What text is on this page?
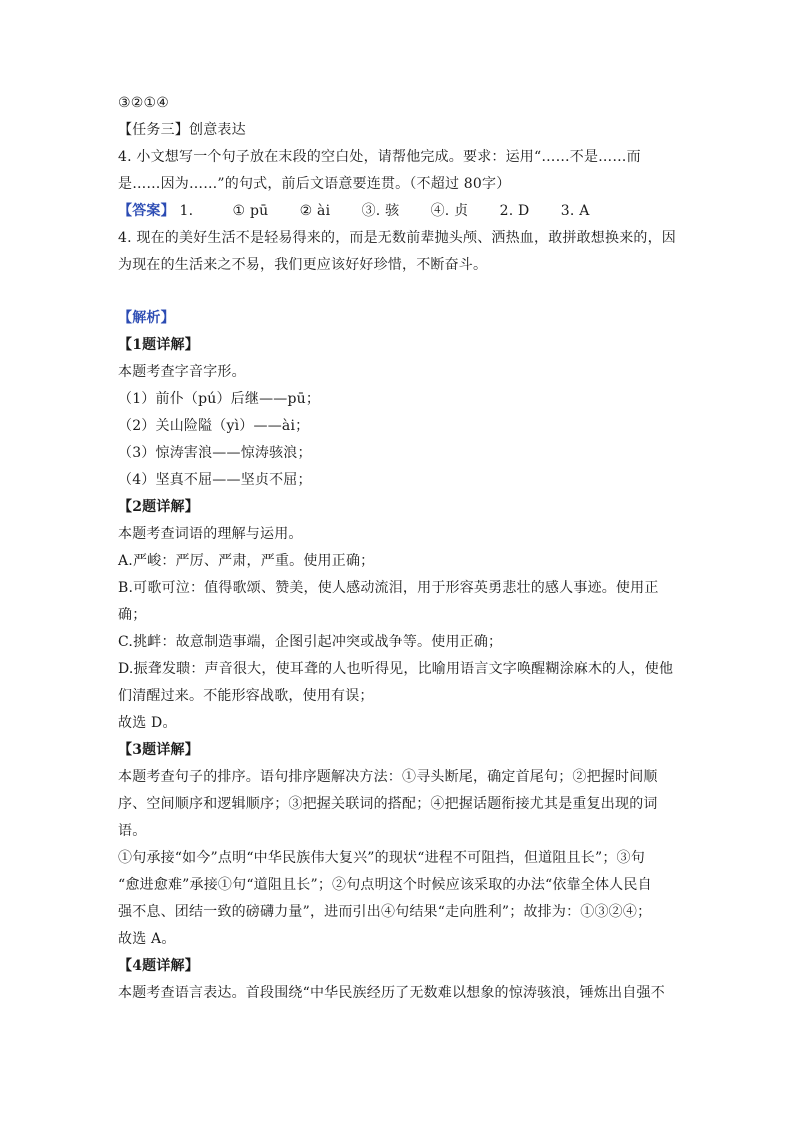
③②①④
【任务三】创意表达
4. 小文想写一个句子放在末段的空白处，请帮他完成。要求：运用“……不是……而
是……因为……”的句式，前后文语意要连贯。（不超过 80字）
【答案】 1.	① pū ② ài ③. 骇 ④. 贞 2. D 3. A
4. 现在的美好生活不是轻易得来的，而是无数前辈抛头颅、洒热血，敢拼敢想换来的，因
为现在的生活来之不易，我们更应该好好珍惜，不断奋斗。
【解析】
【1题详解】
本题考查字音字形。
（1）前仆（pú）后继——pū；
（2）关山险隘（yì）——ài；
（3）惊涛害浪——惊涛骇浪；
（4）坚真不屈——坚贞不屈；
【2题详解】
本题考查词语的理解与运用。
A.严峻：严厉、严肃，严重。使用正确；
B.可歌可泣：值得歌颂、赞美，使人感动流泪，用于形容英勇悲壮的感人事迹。使用正
确；
C.挑衅：故意制造事端，企图引起冲突或战争等。使用正确；
D.振聋发聩：声音很大，使耳聋的人也听得见，比喻用语言文字唤醒糊涂麻木的人，使他
们清醒过来。不能形容战歌，使用有误；
故选 D。
【3题详解】
本题考查句子的排序。语句排序题解决方法：①寻头断尾，确定首尾句；②把握时间顺
序、空间顺序和逻辑顺序；③把握关联词的搭配；④把握话题衔接尤其是重复出现的词
语。
①句承接“如今”点明“中华民族伟大复兴”的现状“进程不可阻挡，但道阻且长”；③句
“愈进愈难”承接①句“道阻且长”；②句点明这个时候应该采取的办法“依靠全体人民自
强不息、团结一致的磅礴力量”，进而引出④句结果“走向胜利”；故排为：①③②④；
故选 A。
【4题详解】
本题考查语言表达。首段围绕“中华民族经历了无数难以想象的惊涛骇浪，锤炼出自强不
